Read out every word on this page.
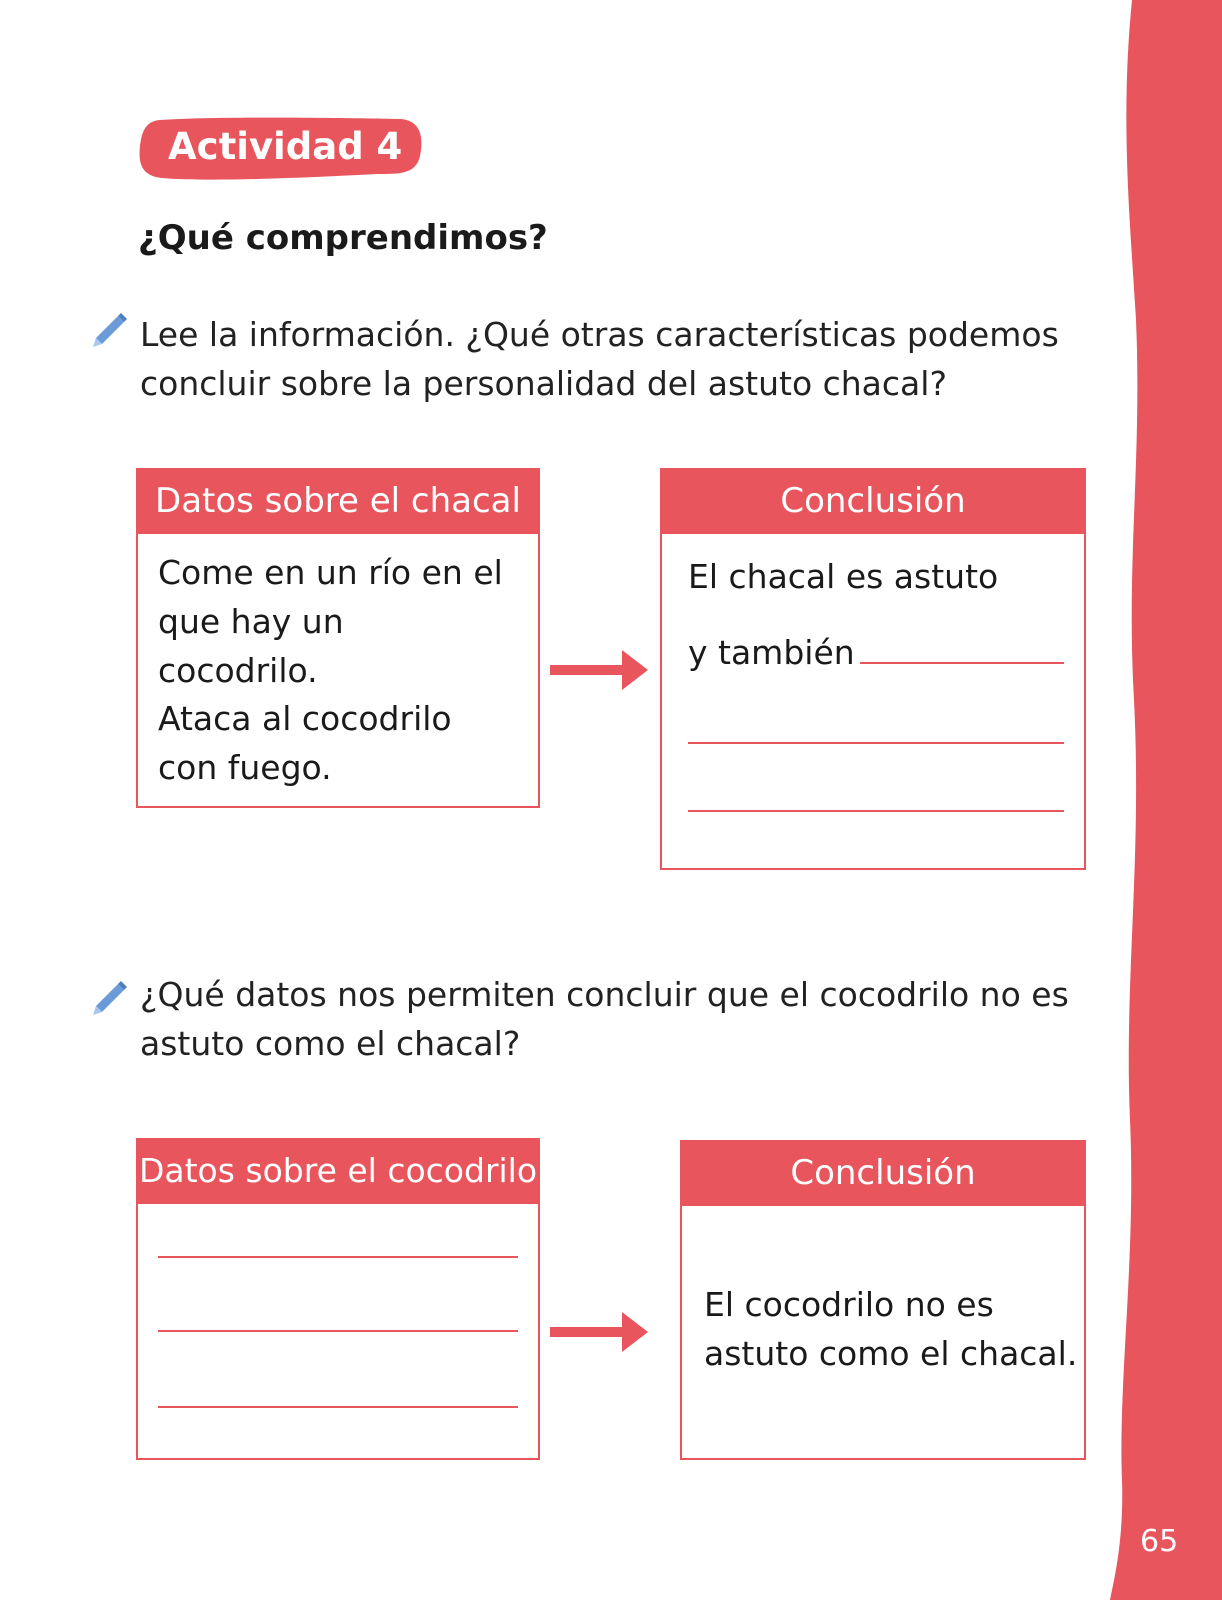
65
Actividad 4
¿Qué comprendimos?
Lee la información. ¿Qué otras características podemos concluir sobre la personalidad del astuto chacal?
Datos sobre el chacal
Come en un río en el que hay un cocodrilo.
Ataca al cocodrilo con fuego.
Conclusión
El chacal es astuto
y también
¿Qué datos nos permiten concluir que el cocodrilo no es astuto como el chacal?
Datos sobre el cocodrilo	Conclusión
El cocodrilo no es astuto como el chacal.
